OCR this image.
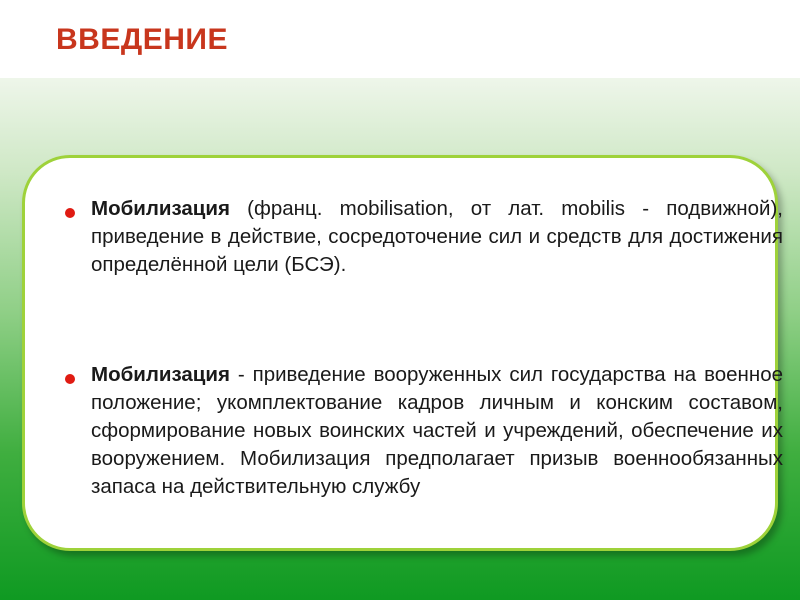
ВВЕДЕНИЕ

Мобилизация (франц. mobilisation, от лат. mobilis - подвижной), приведение в действие, сосредоточение сил и средств для достижения определённой цели (БСЭ).

Мобилизация - приведение вооруженных сил государства на военное положение; укомплектование кадров личным и конским составом, сформирование новых воинских частей и учреждений, обеспечение их вооружением. Мобилизация предполагает призыв военнообязанных запаса на действительную службу
